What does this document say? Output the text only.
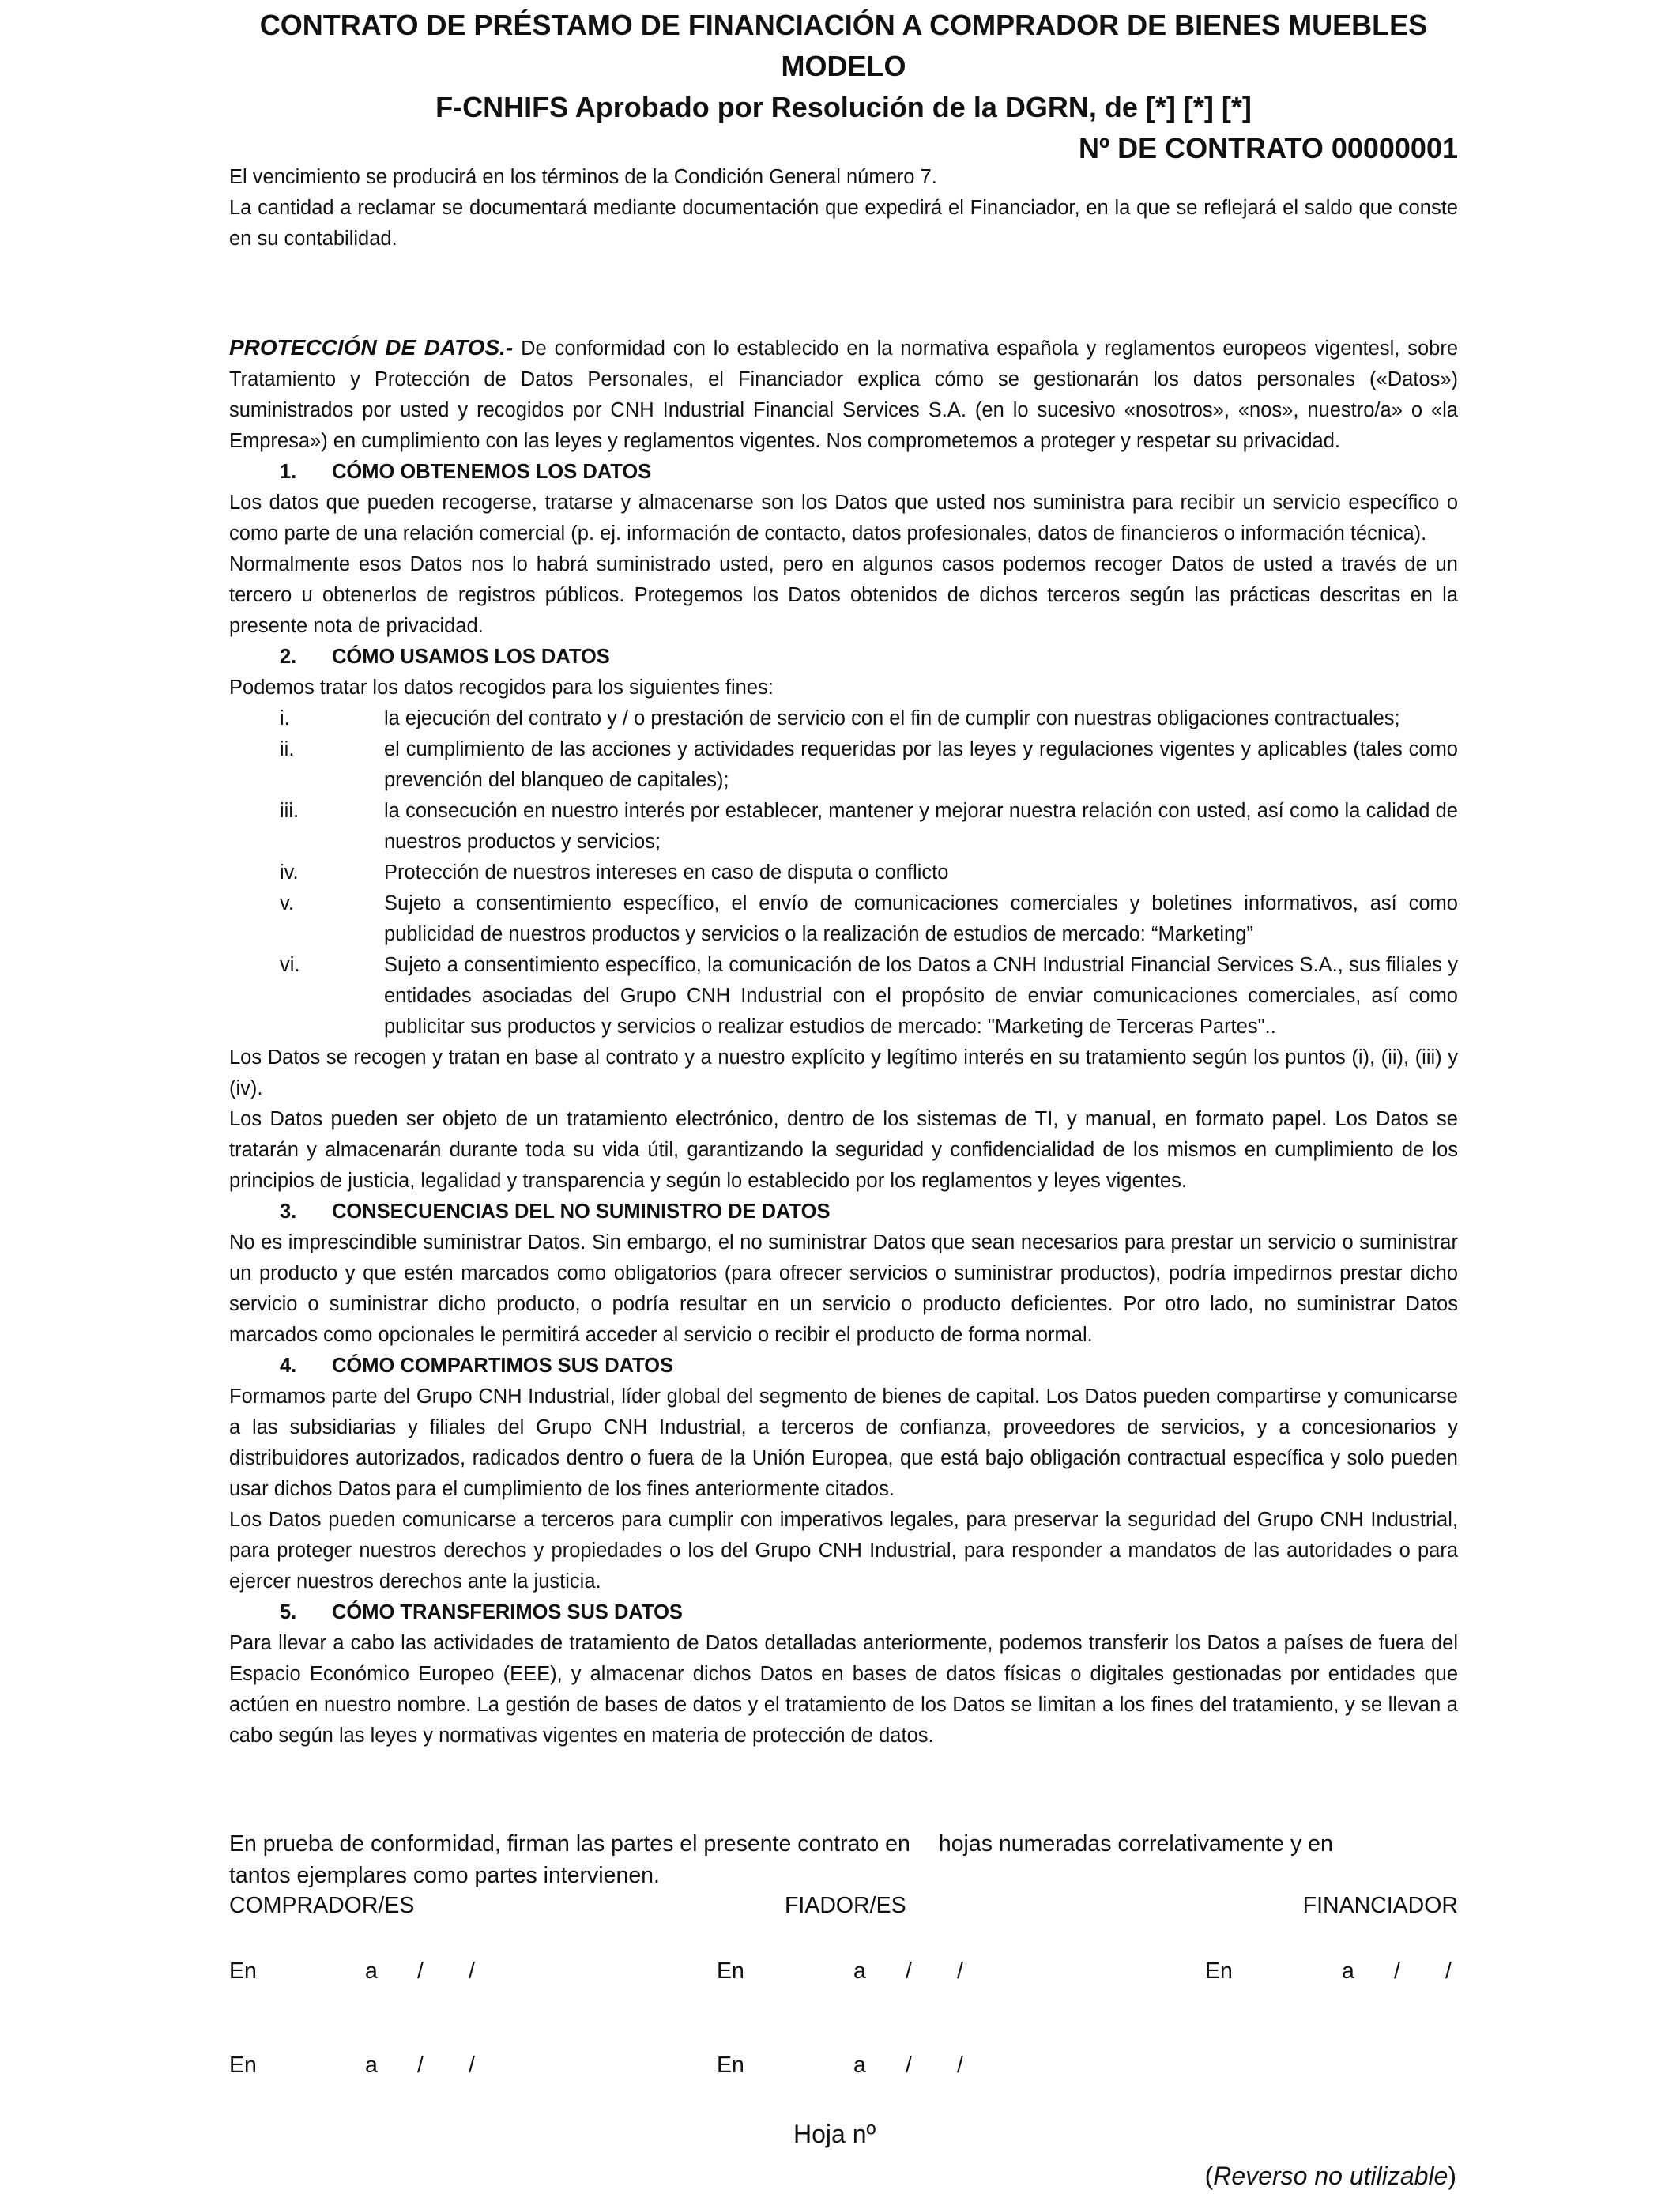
CONTRATO DE PRÉSTAMO DE FINANCIACIÓN A COMPRADOR DE BIENES MUEBLES MODELO
F-CNHIFS Aprobado por Resolución de la DGRN, de [*] [*] [*]
Nº DE CONTRATO 00000001

El vencimiento se producirá en los términos de la Condición General número 7.

La cantidad a reclamar se documentará mediante documentación que expedirá el Financiador, en la que se reflejará el saldo que conste en su contabilidad.

PROTECCIÓN DE DATOS.- De conformidad con lo establecido en la normativa española y reglamentos europeos vigentesl, sobre Tratamiento y Protección de Datos Personales, el Financiador explica cómo se gestionarán los datos personales («Datos») suministrados por usted y recogidos por CNH Industrial Financial Services S.A. (en lo sucesivo «nosotros», «nos», nuestro/a» o «la Empresa») en cumplimiento con las leyes y reglamentos vigentes. Nos comprometemos a proteger y respetar su privacidad.

1. CÓMO OBTENEMOS LOS DATOS

Los datos que pueden recogerse, tratarse y almacenarse son los Datos que usted nos suministra para recibir un servicio específico o como parte de una relación comercial (p. ej. información de contacto, datos profesionales, datos de financieros o información técnica).

Normalmente esos Datos nos lo habrá suministrado usted, pero en algunos casos podemos recoger Datos de usted a través de un tercero u obtenerlos de registros públicos. Protegemos los Datos obtenidos de dichos terceros según las prácticas descritas en la presente nota de privacidad.

2. CÓMO USAMOS LOS DATOS

Podemos tratar los datos recogidos para los siguientes fines:

i.	la ejecución del contrato y / o prestación de servicio con el fin de cumplir con nuestras obligaciones contractuales;
ii.	el cumplimiento de las acciones y actividades requeridas por las leyes y regulaciones vigentes y aplicables (tales como prevención del blanqueo de capitales);
iii.	la consecución en nuestro interés por establecer, mantener y mejorar nuestra relación con usted, así como la calidad de nuestros productos y servicios;
iv.	Protección de nuestros intereses en caso de disputa o conflicto
v.	Sujeto a consentimiento específico, el envío de comunicaciones comerciales y boletines informativos, así como publicidad de nuestros productos y servicios o la realización de estudios de mercado: “Marketing”
vi.	Sujeto a consentimiento específico, la comunicación de los Datos a CNH Industrial Financial Services S.A., sus filiales y entidades asociadas del Grupo CNH Industrial con el propósito de enviar comunicaciones comerciales, así como publicitar sus productos y servicios o realizar estudios de mercado: "Marketing de Terceras Partes"..

Los Datos se recogen y tratan en base al contrato y a nuestro explícito y legítimo interés en su tratamiento según los puntos (i), (ii), (iii) y (iv).

Los Datos pueden ser objeto de un tratamiento electrónico, dentro de los sistemas de TI, y manual, en formato papel. Los Datos se tratarán y almacenarán durante toda su vida útil, garantizando la seguridad y confidencialidad de los mismos en cumplimiento de los principios de justicia, legalidad y transparencia y según lo establecido por los reglamentos y leyes vigentes.

3. CONSECUENCIAS DEL NO SUMINISTRO DE DATOS

No es imprescindible suministrar Datos. Sin embargo, el no suministrar Datos que sean necesarios para prestar un servicio o suministrar un producto y que estén marcados como obligatorios (para ofrecer servicios o suministrar productos), podría impedirnos prestar dicho servicio o suministrar dicho producto, o podría resultar en un servicio o producto deficientes. Por otro lado, no suministrar Datos marcados como opcionales le permitirá acceder al servicio o recibir el producto de forma normal.

4. CÓMO COMPARTIMOS SUS DATOS

Formamos parte del Grupo CNH Industrial, líder global del segmento de bienes de capital. Los Datos pueden compartirse y comunicarse a las subsidiarias y filiales del Grupo CNH Industrial, a terceros de confianza, proveedores de servicios, y a concesionarios y distribuidores autorizados, radicados dentro o fuera de la Unión Europea, que está bajo obligación contractual específica y solo pueden usar dichos Datos para el cumplimiento de los fines anteriormente citados.

Los Datos pueden comunicarse a terceros para cumplir con imperativos legales, para preservar la seguridad del Grupo CNH Industrial, para proteger nuestros derechos y propiedades o los del Grupo CNH Industrial, para responder a mandatos de las autoridades o para ejercer nuestros derechos ante la justicia.

5. CÓMO TRANSFERIMOS SUS DATOS

Para llevar a cabo las actividades de tratamiento de Datos detalladas anteriormente, podemos transferir los Datos a países de fuera del Espacio Económico Europeo (EEE), y almacenar dichos Datos en bases de datos físicas o digitales gestionadas por entidades que actúen en nuestro nombre. La gestión de bases de datos y el tratamiento de los Datos se limitan a los fines del tratamiento, y se llevan a cabo según las leyes y normativas vigentes en materia de protección de datos.

En prueba de conformidad, firman las partes el presente contrato en hojas numeradas correlativamente y en

tantos ejemplares como partes intervienen.

COMPRADOR/ES	FIADOR/ES	FINANCIADOR
En	a / /	En	a / /	En	a / /
En	a / /	En	a / /
Hoja nº
(Reverso no utilizable)
